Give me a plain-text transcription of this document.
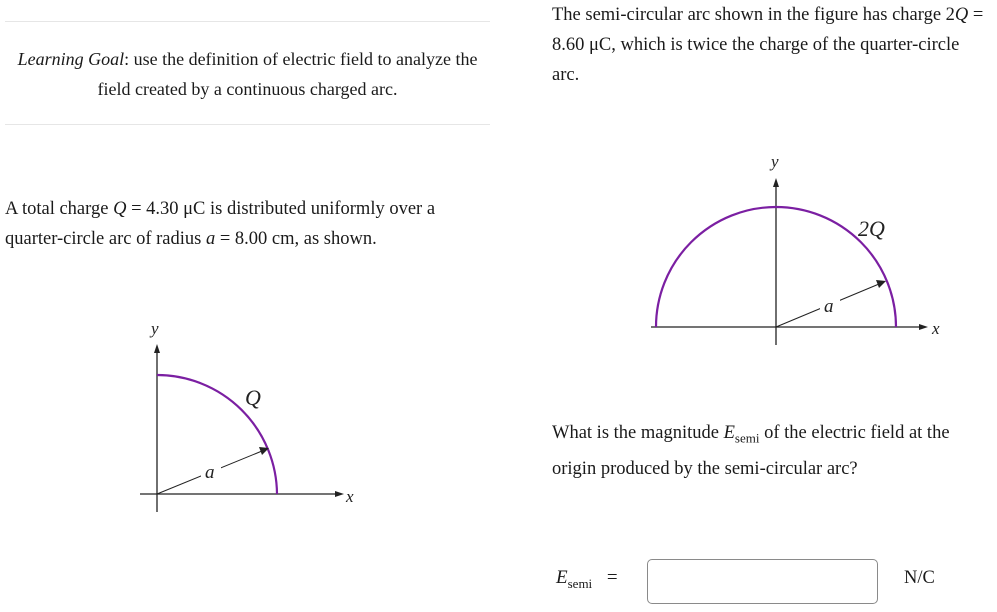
Learning Goal: use the definition of electric field to analyze the field created by a continuous charged arc.
A total charge Q = 4.30 μC is distributed uniformly over a quarter-circle arc of radius a = 8.00 cm, as shown.
a
Q
y
x
The semi-circular arc shown in the figure has charge 2Q = 8.60 μC, which is twice the charge of the quarter-circle arc.
a
2Q
y
x
What is the magnitude $E_{semi}$ of the electric field at the origin produced by the semi-circular arc?
$E_{semi}$ =	N/C
